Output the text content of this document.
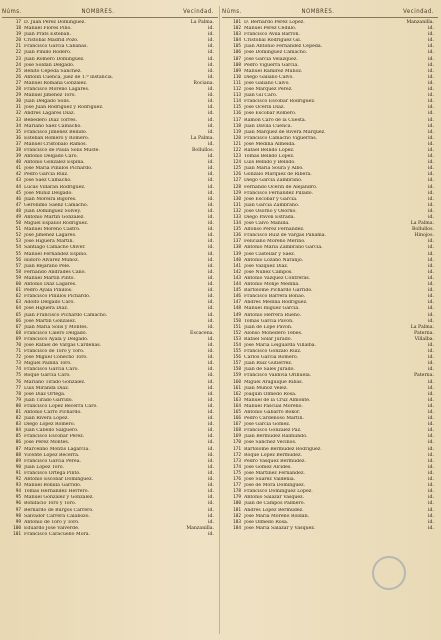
Núms.	NOMBRES.	Vecindad.
17 D. Juan Perez Dominguez.	La Palma.
18 Manuel Flores Pino.	id.
19 Juan Prats Estéban.	id.
20 Cristóbal Madrid Pozo.	id.
21 Francisco García Cabanas.	id.
22 Juan Pinillo Rodero.	id.
23 Juan Romero Dominguez.	id.
24 José Soldan Delgado.	id.
25 Benito Cepeda Sánchez.	id.
26 Antolin Cuenca, juez de 1.ª instancia.	id.
27 Manuel Romana González.	Rociana.
28 Francisco Moreno Lagares.	id.
29 Manuel Jiménez Toro.	id.
30 Juan Delgado Solís.	id.
31 José Juan Rodriguez y Rodriguez.	id.
32 Andrés Lagares Diaz.	id.
33 Bebedero Diaz Torres.	id.
34 Mariano Saez Camacho.	id.
35 Francisco Jiménez Bellido.	id.
36 Esteban Romero y Romero.	La Palma.
37 Manuel Cristóbalo Ramos.	id.
38 Francisco de Paula Solís Muste.	Bollullos.
39 Antonio Delgado Caro.	id.
40 Antonio González Espina.	id.
41 José María Pinillos Pichardo.	id.
42 Pedro García Ruiz.	id.
43 José Saez Camacho.	id.
44 Lúcas Villaran Rodriguez.	id.
45 José Muñiz Delgado.	id.
46 Juan Moreira Bigores.	id.
47 Gerónimo Saenz Camacho.	id.
48 Juan Dominguez Solvey.	id.
49 Antonio Martin González.	id.
50 Miguel Espaliol Rodriguez.	id.
51 Manuel Moreno Castro.	id.
52 José Jiménez Lagares.	id.
53 José Higuera Martin.	id.
54 Santiago Camacho Oliver.	id.
55 Manuel Fernández Espino.	id.
56 Isidoro Alvarez Muñoz.	id.
57 Juan Bejarano Pelé.	id.
58 Fernando Andrades Cano.	id.
59 Manuel Martin Pinto.	id.
60 Antonio Diaz Lagares.	id.
61 Pedro Ayala Pinillos.	id.
62 Francisco Pinillos Pichardo.	id.
63 Adolfo Delgado Caro.	id.
64 José Higuera Diaz.	id.
65 Juan Francisco Pichardo Camacho.	id.
66 José Martin González.	id.
67 Juan María Solís y Montes.	id.
68 Francisco Calero Delgado.	Escacena.
69 Francisco Ayala y Delgado.	id.
70 José Rafael de Vargas Cárdenas.	id.
71 Francisco de Toro y Toro.	id.
72 José Miguel Conecho Toro.	id.
73 Miguel Padilla Toro.	id.
74 Francisco García Caro.	id.
75 Roque García Caro.	id.
76 Mariano Tirado González.	id.
77 Luis Miranda Diaz.	id.
78 José Diaz Ortega.	id.
79 Juan Tirado Garrido.	id.
80 Francisco López Becerra Caro.	id.
81 Antonio Carro Pichardo.	id.
82 Juan Rivera López.	id.
83 Diego López Romero.	id.
84 Juan Cabello Salguero.	id.
85 Francisco Escobar Pérez.	id.
86 José Perez Montes.	id.
87 Marcelino Montis Lagarcía.	id.
88 Vicente López Becerra.	id.
89 Francisco García Perea.	id.
90 Juan López Toro.	id.
91 Francisco Ortega Pinto.	id.
92 Antonio Escobar Dominguez.	id.
93 Manuel Bonilla Garrido.	id.
94 Tomás Hernandez Herrero.	id.
95 Manuel González y González.	id.
96 Bonifacio Toro y Toro.	id.
97 Bernardo de Burgos Carrero.	id.
98 Salvador Carrera Calabozo.	id.
99 Antonio de Toro y Toro.	id.
100 Eduardo José Valverde.	Manzanilla.
101 Francisco Caracuello Mora.	id.
Núms.	NOMBRES.	Vecindad.
101 D. Bernardo Perez Lopez.	Manzanilla.
102 Manuel Perez Cedillo.	id.
103 Francisco Avila Barron.	id.
104 Cristóbal Rodriguez Gil.	id.
105 Juan Antonio Fernandez Cepeda.	id.
106 José Dominguez Camacho.	id.
107 José García Velazquez.	id.
108 Pedro Viguerra García.	id.
109 Manuel Ramírez Muñoz.	id.
110 Diego Galiano Calvo.	id.
111 José Galiano Calvo.	id.
112 José Márquez Perez.	id.
113 Juan Gil Caro.	id.
114 Francisco Escobar Rodriguez.	id.
115 José Ocerin Diaz.	id.
116 José Escobar Romero.	id.
117 Ramon Caro de la Cuesta.	id.
118 Juan Dávila Cuenca.	id.
119 Juan Márquez de Rivera Márquez.	id.
120 Francisco Camacho Viguerras.	id.
121 José Medina Almeida.	id.
122 Rafael Bellido López.	id.
123 Tomás Bellido López.	id.
124 Luis Bellido y Bellido.	id.
125 Juan María Soura y Albo.	id.
126 Gonzalo Márquez de Ribera.	id.
127 Diego García Zambrano.	id.
128 Fernando Ocerin de Alejandro.	id.
129 Francisco Fernandez Pillado.	id.
130 José Escobar y García.	id.
131 Juan García Zambrano.	id.
132 José Osorno y Osorno.	id.
133 Diego Pavon Estrada.	id.
134 José Calvo Manilla.	La Palma.
135 Alfonso Perez Fernandez.	Bollullos.
136 Francisco Ruiz de Vargas Panama.	Hinojos.
137 Feliciano Moreno Merino.	id.
138 Antonio María Zambrano García.	id.
139 José Castellar y Saez.	id.
140 Antonio Lozano Naranjo.	id.
141 José Vazquez Diaz.	id.
142 José Nuñez Campos.	id.
143 Antonio Vázquez Contreras.	id.
144 Antonio Monje Medina.	id.
145 Bartolomé Pichardo Garrido.	id.
146 Francisco Barrera Bonao.	id.
147 Andrés Medina Rodriguez.	id.
148 Manuel Iñiguez García.	id.
149 Antonio Herrera Rueno.	id.
150 Tomás García Pavon.	id.
151 Juan de Lope Pavon.	La Palma.
152 Alonso Moñedero Tebes.	Paterna.
153 Rafael Solar Jurado.	Villalba.
154 José María Leiguarda Villalba.	id.
155 Francisco Gonzalo Ruiz.	id.
156 Cárlos García Romero.	id.
157 Juan Ruiz Gutierrez.	id.
158 Juan de Sales Jurado.	id.
159 Francisco Valdivia Orihuela.	Paterna.
160 Miguel Aragüique Ribas.	id.
161 Juan Muñoz Vélez.	id.
162 Joaquín Olmedo Rosa.	id.
163 Manuel de la Cruz Almonte.	id.
164 Manuel Pascual Moreno.	id.
165 Antonio Gabarro Bokor.	id.
166 Pedro Cardenoso Martin.	id.
167 José García Gomez.	id.
168 Francisco González Paz.	id.
169 Juan Bermudez Raimundo.	id.
170 José Sanchez Vecinos.	id.
171 Bartolomé Bermudez Rodriguez.	id.
172 Roque Lopez Bermudez.	id.
173 Pedro Vasquez Bermudez.	id.
174 José Gómez Alcides.	id.
175 José Martinez Fernandez.	id.
176 José Suárez Valdenia.	id.
177 José de Mora Dominguez.	id.
178 Francisco Dominguez Lopez.	id.
179 Antonio Salazar Vasquez.	id.
180 Juan de Campos Palmero.	id.
181 Andrés López Bermúdez.	id.
182 José María Moreno Roldan.	id.
183 José Olmedo Rosa.	id.
184 José María Salazar y Vasquez.	id.
